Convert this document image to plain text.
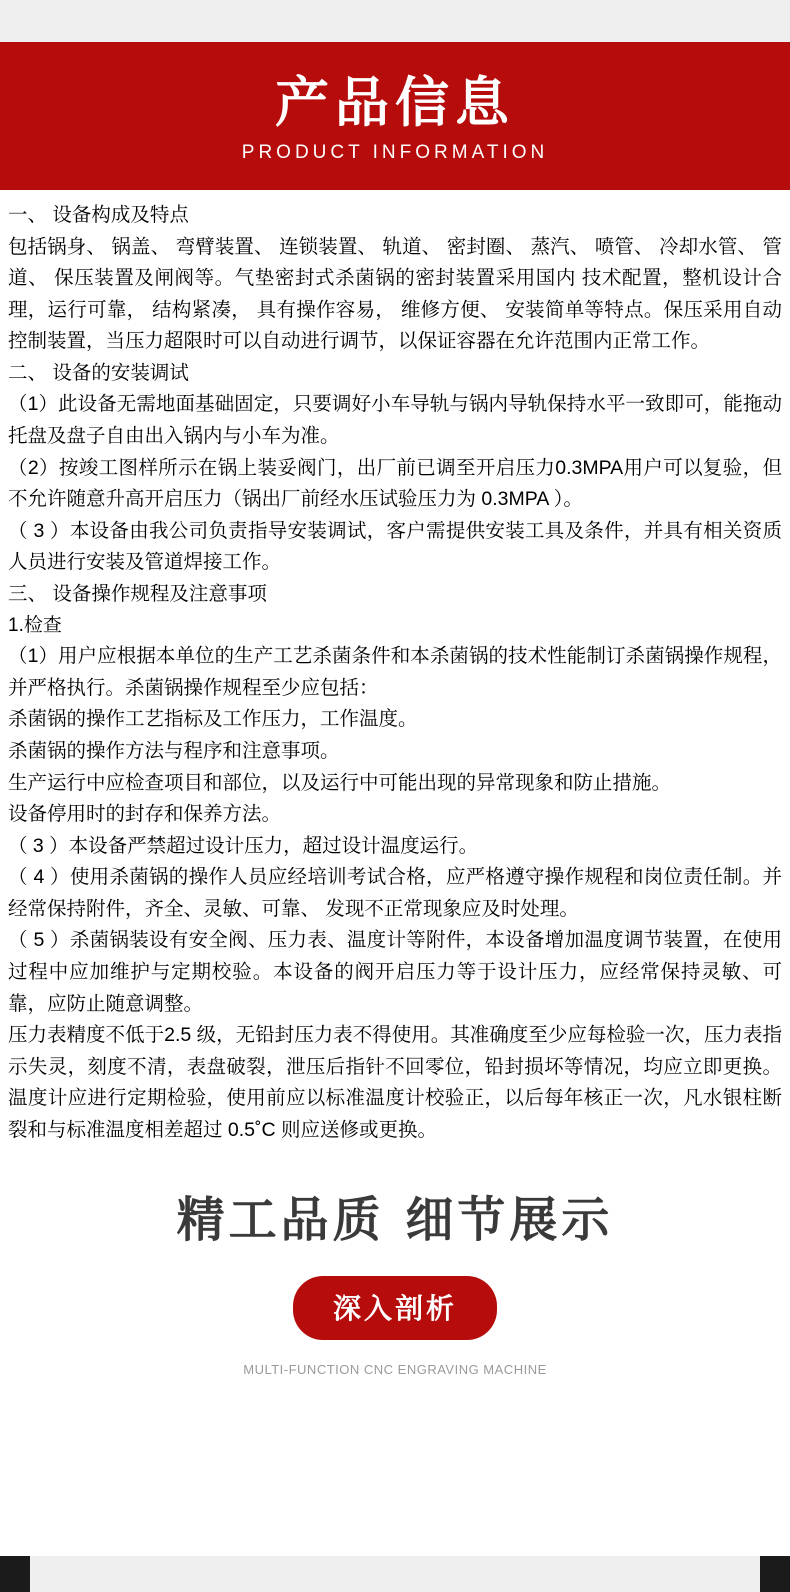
产品信息
PRODUCT INFORMATION
一、 设备构成及特点
包括锅身、 锅盖、 弯臂装置、 连锁装置、 轨道、 密封圈、 蒸汽、 喷管、 冷却水管、 管道、 保压装置及闸阀等。气垫密封式杀菌锅的密封装置采用国内 技术配置，整机设计合理，运行可靠， 结构紧凑， 具有操作容易， 维修方便、 安装简单等特点。保压采用自动控制装置，当压力超限时可以自动进行调节，以保证容器在允许范围内正常工作。
二、 设备的安装调试
（1）此设备无需地面基础固定，只要调好小车导轨与锅内导轨保持水平一致即可，能拖动托盘及盘子自由出入锅内与小车为准。
（2）按竣工图样所示在锅上装妥阀门，出厂前已调至开启压力0.3MPA用户可以复验，但不允许随意升高开启压力（锅出厂前经水压试验压力为 0.3MPA ）。
（ 3 ）本设备由我公司负责指导安装调试，客户需提供安装工具及条件，并具有相关资质人员进行安装及管道焊接工作。
三、 设备操作规程及注意事项
1.检查
（1）用户应根据本单位的生产工艺杀菌条件和本杀菌锅的技术性能制订杀菌锅操作规程，并严格执行。杀菌锅操作规程至少应包括：
杀菌锅的操作工艺指标及工作压力，工作温度。
杀菌锅的操作方法与程序和注意事项。
生产运行中应检查项目和部位，以及运行中可能出现的异常现象和防止措施。
设备停用时的封存和保养方法。
（ 3 ）本设备严禁超过设计压力，超过设计温度运行。
（ 4 ）使用杀菌锅的操作人员应经培训考试合格，应严格遵守操作规程和岗位责任制。并经常保持附件，齐全、灵敏、可靠、 发现不正常现象应及时处理。
（ 5 ）杀菌锅装设有安全阀、压力表、温度计等附件，本设备增加温度调节装置，在使用过程中应加维护与定期校验。本设备的阀开启压力等于设计压力，应经常保持灵敏、可靠，应防止随意调整。
压力表精度不低于2.5 级，无铅封压力表不得使用。其准确度至少应每检验一次，压力表指示失灵，刻度不清，表盘破裂，泄压后指针不回零位，铅封损坏等情况，均应立即更换。温度计应进行定期检验，使用前应以标准温度计校验正，以后每年核正一次，凡水银柱断裂和与标准温度相差超过 0.5˚C 则应送修或更换。
精工品质 细节展示
深入剖析
MULTI-FUNCTION CNC ENGRAVING MACHINE
